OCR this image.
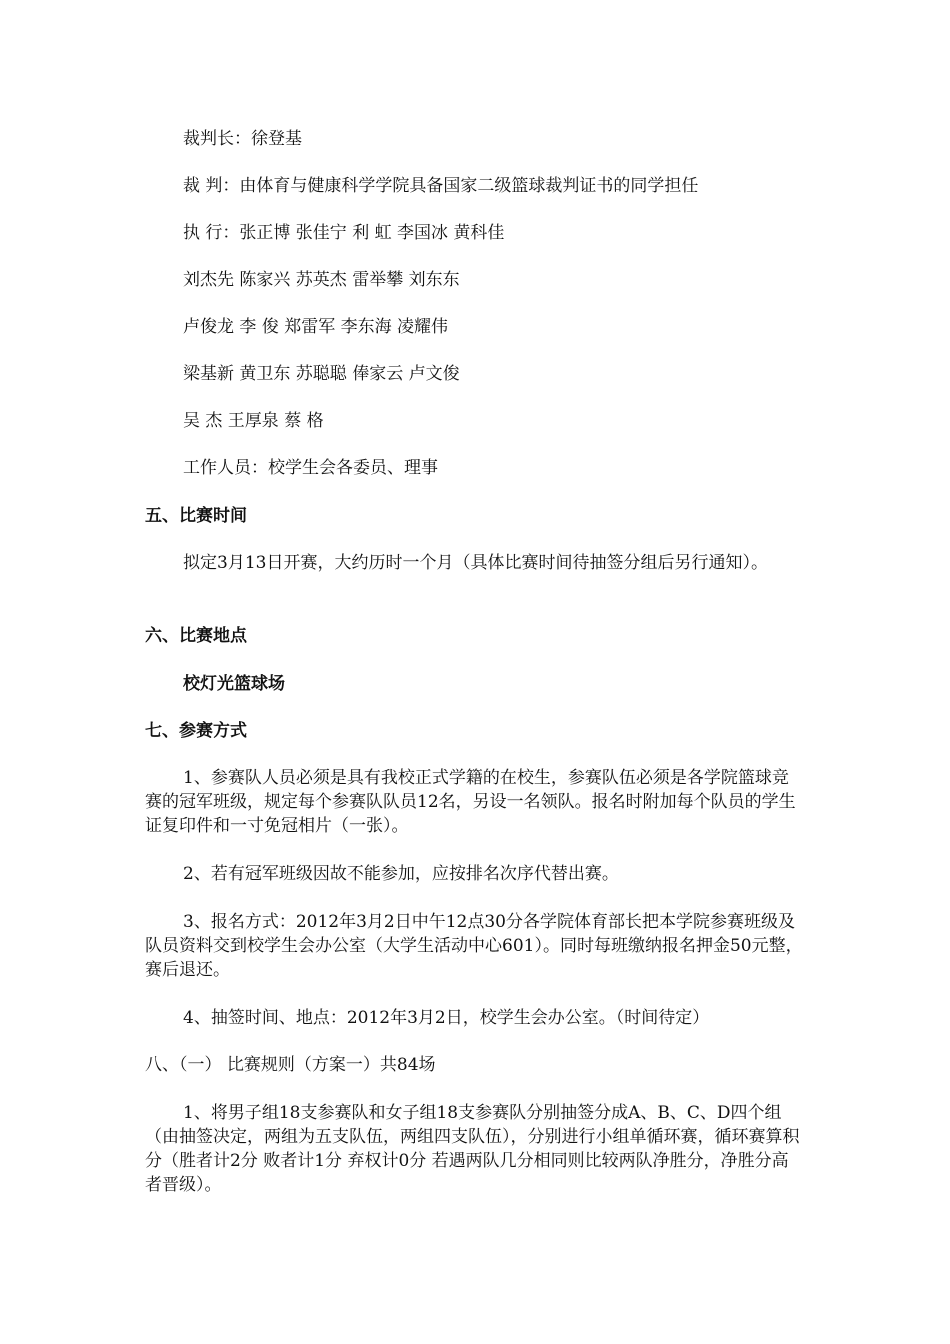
裁判长：徐登基
裁 判：由体育与健康科学学院具备国家二级篮球裁判证书的同学担任
执 行：张正博 张佳宁 利 虹 李国冰 黄科佳
刘杰先 陈家兴 苏英杰 雷举攀 刘东东
卢俊龙 李 俊 郑雷军 李东海 凌耀伟
梁基新 黄卫东 苏聪聪 俸家云 卢文俊
吴 杰 王厚泉 蔡 格
工作人员：校学生会各委员、理事
五、比赛时间
拟定3月13日开赛，大约历时一个月（具体比赛时间待抽签分组后另行通知）。
六、比赛地点
校灯光篮球场
七、参赛方式
1、参赛队人员必须是具有我校正式学籍的在校生，参赛队伍必须是各学院篮球竞赛的冠军班级，规定每个参赛队队员12名，另设一名领队。报名时附加每个队员的学生证复印件和一寸免冠相片（一张）。
2、若有冠军班级因故不能参加，应按排名次序代替出赛。
3、报名方式：2012年3月2日中午12点30分各学院体育部长把本学院参赛班级及队员资料交到校学生会办公室（大学生活动中心601）。同时每班缴纳报名押金50元整，赛后退还。
4、抽签时间、地点：2012年3月2日，校学生会办公室。（时间待定）
八、（一） 比赛规则（方案一）共84场
1、将男子组18支参赛队和女子组18支参赛队分别抽签分成A、B、C、D四个组（由抽签决定，两组为五支队伍，两组四支队伍），分别进行小组单循环赛，循环赛算积分（胜者计2分 败者计1分 弃权计0分 若遇两队几分相同则比较两队净胜分，净胜分高者晋级）。
